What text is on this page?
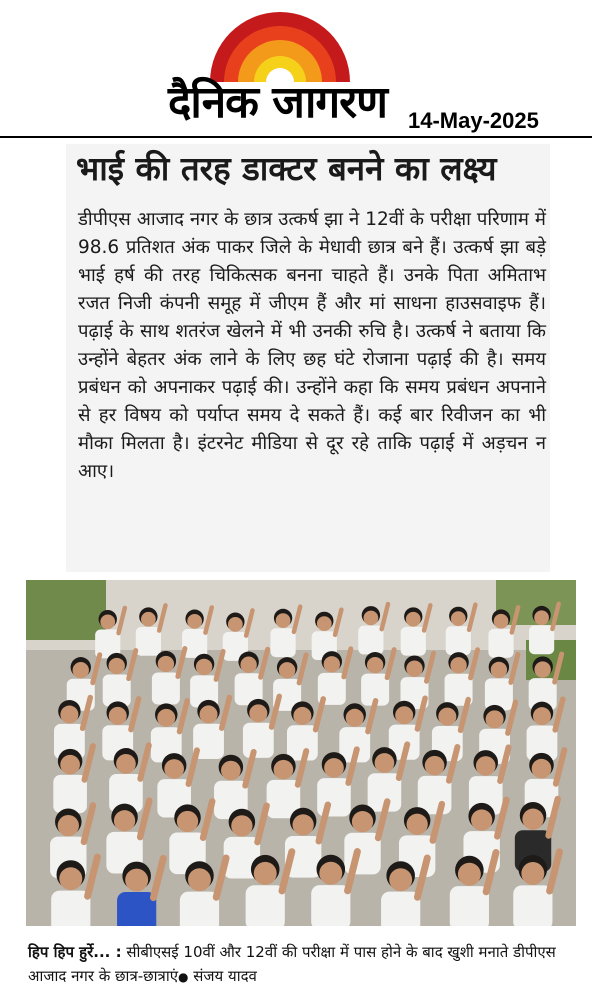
दैनिक जागरण 14-May-2025
भाई की तरह डाक्टर बनने का लक्ष्य
डीपीएस आजाद नगर के छात्र उत्कर्ष झा ने 12वीं के परीक्षा परिणाम में 98.6 प्रतिशत अंक पाकर जिले के मेधावी छात्र बने हैं। उत्कर्ष झा बड़े भाई हर्ष की तरह चिकित्सक बनना चाहते हैं। उनके पिता अमिताभ रजत निजी कंपनी समूह में जीएम हैं और मां साधना हाउसवाइफ हैं। पढ़ाई के साथ शतरंज खेलने में भी उनकी रुचि है। उत्कर्ष ने बताया कि उन्होंने बेहतर अंक लाने के लिए छह घंटे रोजाना पढ़ाई की है। समय प्रबंधन को अपनाकर पढ़ाई की। उन्होंने कहा कि समय प्रबंधन अपनाने से हर विषय को पर्याप्त समय दे सकते हैं। कई बार रिवीजन का भी मौका मिलता है। इंटरनेट मीडिया से दूर रहे ताकि पढ़ाई में अड़चन न आए।
हिप हिप हुर्रे... : सीबीएसई 10वीं और 12वीं की परीक्षा में पास होने के बाद खुशी मनाते डीपीएस आजाद नगर के छात्र-छात्राएं● संजय यादव
